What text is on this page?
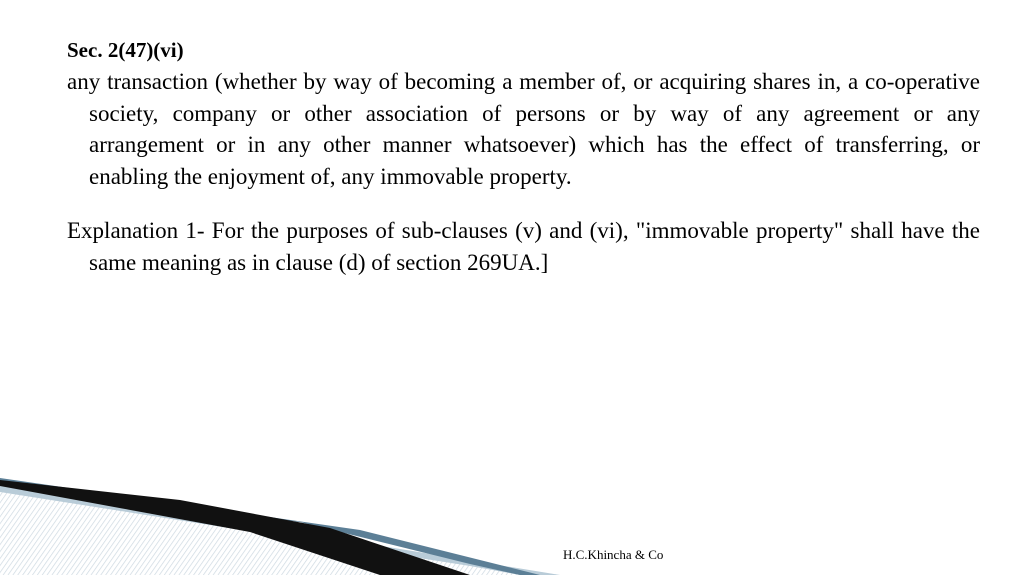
Sec. 2(47)(vi)

any transaction (whether by way of becoming a member of, or acquiring shares in, a co-operative society, company or other association of persons or by way of any agreement or any arrangement or in any other manner whatsoever) which has the effect of transferring, or enabling the enjoyment of, any immovable property.

Explanation 1- For the purposes of sub-clauses (v) and (vi), "immovable property" shall have the same meaning as in clause (d) of section 269UA.]

H.C.Khincha & Co
